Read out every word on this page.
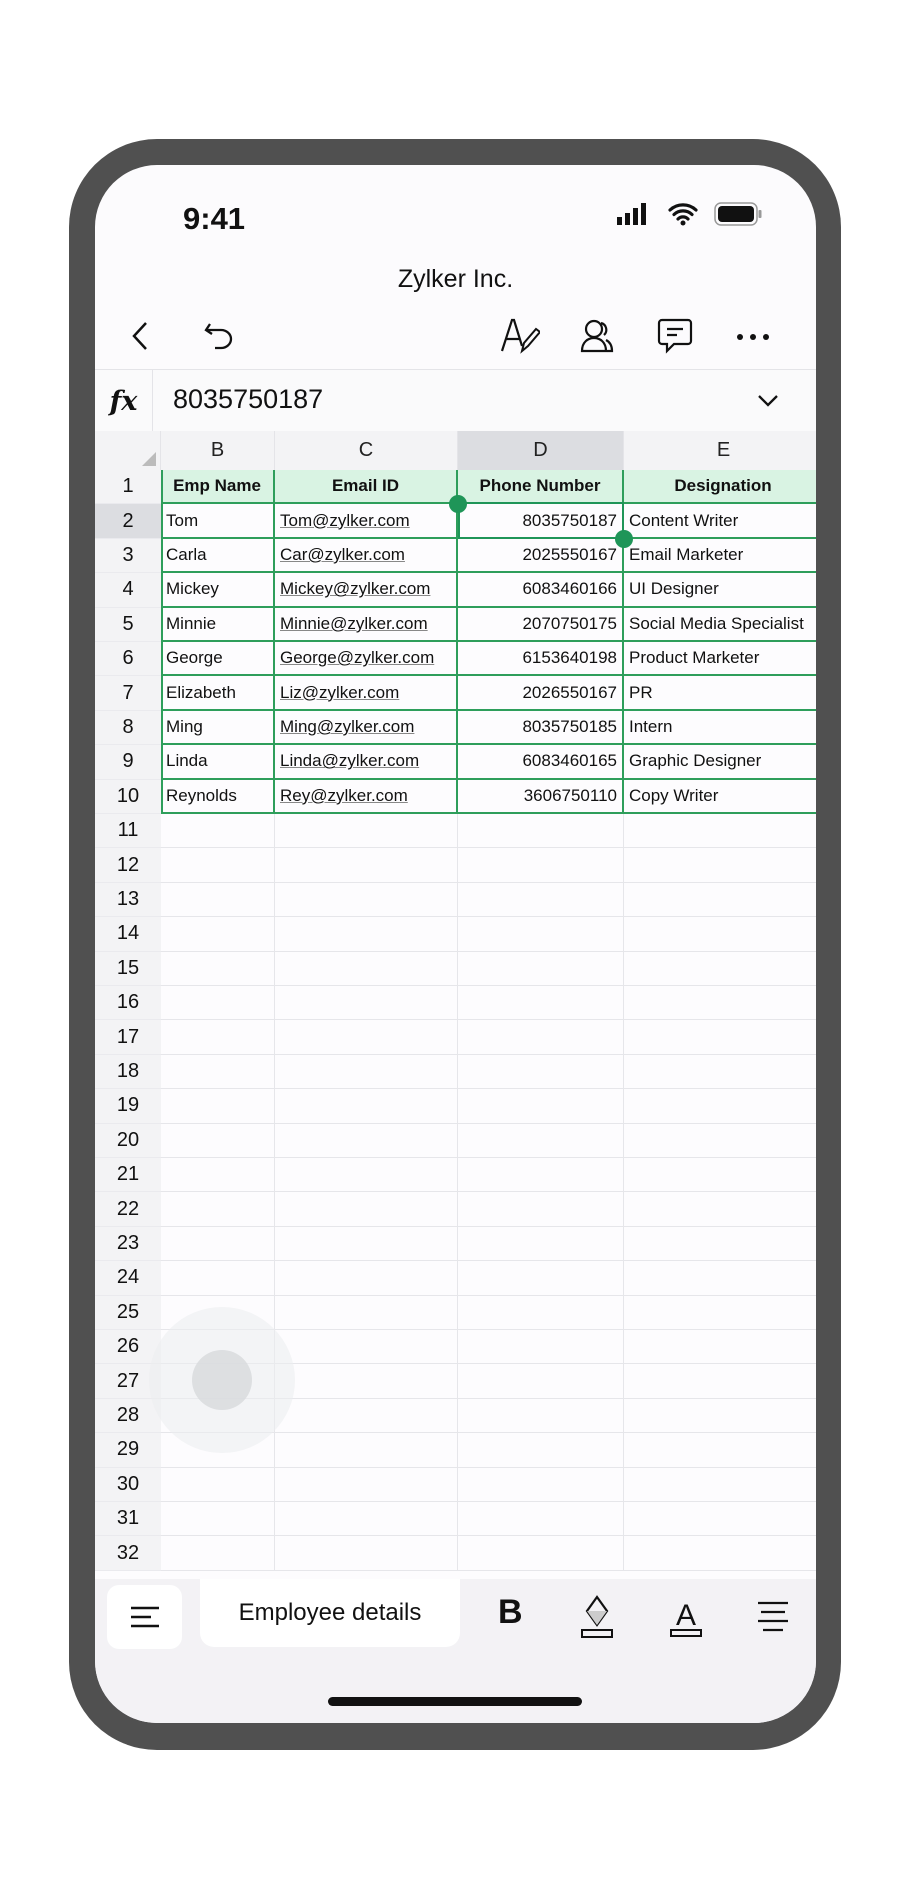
9:41
Zylker Inc.
fx	8035750187
B	C	D	E
1	Emp Name	Email ID	Phone Number	Designation
2	Tom	Tom@zylker.com	8035750187 Content Writer
3	Carla	Car@zylker.com	2025550167 Email Marketer
4	Mickey	Mickey@zylker.com	6083460166 UI Designer
5	Minnie	Minnie@zylker.com	2070750175 Social Media Specialist
6	George	George@zylker.com	6153640198 Product Marketer
7	Elizabeth	Liz@zylker.com	2026550167 PR
8	Ming	Ming@zylker.com	8035750185 Intern
9	Linda	Linda@zylker.com	6083460165 Graphic Designer
10	Reynolds	Rey@zylker.com	3606750110 Copy Writer
11
12
13
14
15
16
17
18
19
20
21
22
23
24
25
26
27
28
29
30
31
32
Employee details	B	A
